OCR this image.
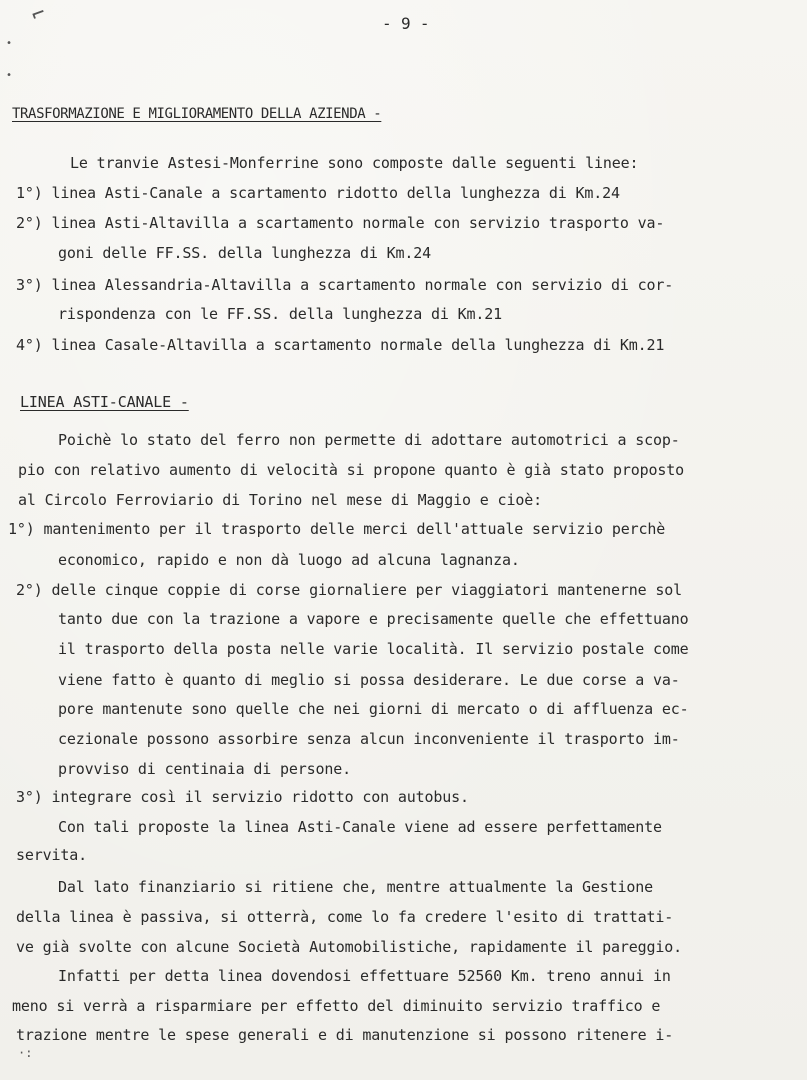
⌐
•
•
- 9 -
TRASFORMAZIONE E MIGLIORAMENTO DELLA AZIENDA -
Le tranvie Astesi-Monferrine sono composte dalle seguenti linee:
1°) linea Asti-Canale a scartamento ridotto della lunghezza di Km.24
2°) linea Asti-Altavilla a scartamento normale con servizio trasporto va-
goni delle FF.SS. della lunghezza di Km.24
3°) linea Alessandria-Altavilla a scartamento normale con servizio di cor-
rispondenza con le FF.SS. della lunghezza di Km.21
4°) linea Casale-Altavilla a scartamento normale della lunghezza di Km.21
LINEA ASTI-CANALE -
Poichè lo stato del ferro non permette di adottare automotrici a scop-
pio con relativo aumento di velocità si propone quanto è già stato proposto
al Circolo Ferroviario di Torino nel mese di Maggio e cioè:
1°) mantenimento per il trasporto delle merci dell'attuale servizio perchè
economico, rapido e non dà luogo ad alcuna lagnanza.
2°) delle cinque coppie di corse giornaliere per viaggiatori mantenerne sol
tanto due con la trazione a vapore e precisamente quelle che effettuano
il trasporto della posta nelle varie località. Il servizio postale come
viene fatto è quanto di meglio si possa desiderare. Le due corse a va-
pore mantenute sono quelle che nei giorni di mercato o di affluenza ec-
cezionale possono assorbire senza alcun inconveniente il trasporto im-
provviso di centinaia di persone.
3°) integrare così il servizio ridotto con autobus.
Con tali proposte la linea Asti-Canale viene ad essere perfettamente
servita.
Dal lato finanziario si ritiene che, mentre attualmente la Gestione
della linea è passiva, si otterrà, come lo fa credere l'esito di trattati-
ve già svolte con alcune Società Automobilistiche, rapidamente il pareggio.
Infatti per detta linea dovendosi effettuare 52560 Km. treno annui in
meno si verrà a risparmiare per effetto del diminuito servizio traffico e
trazione mentre le spese generali e di manutenzione si possono ritenere i-
·:
